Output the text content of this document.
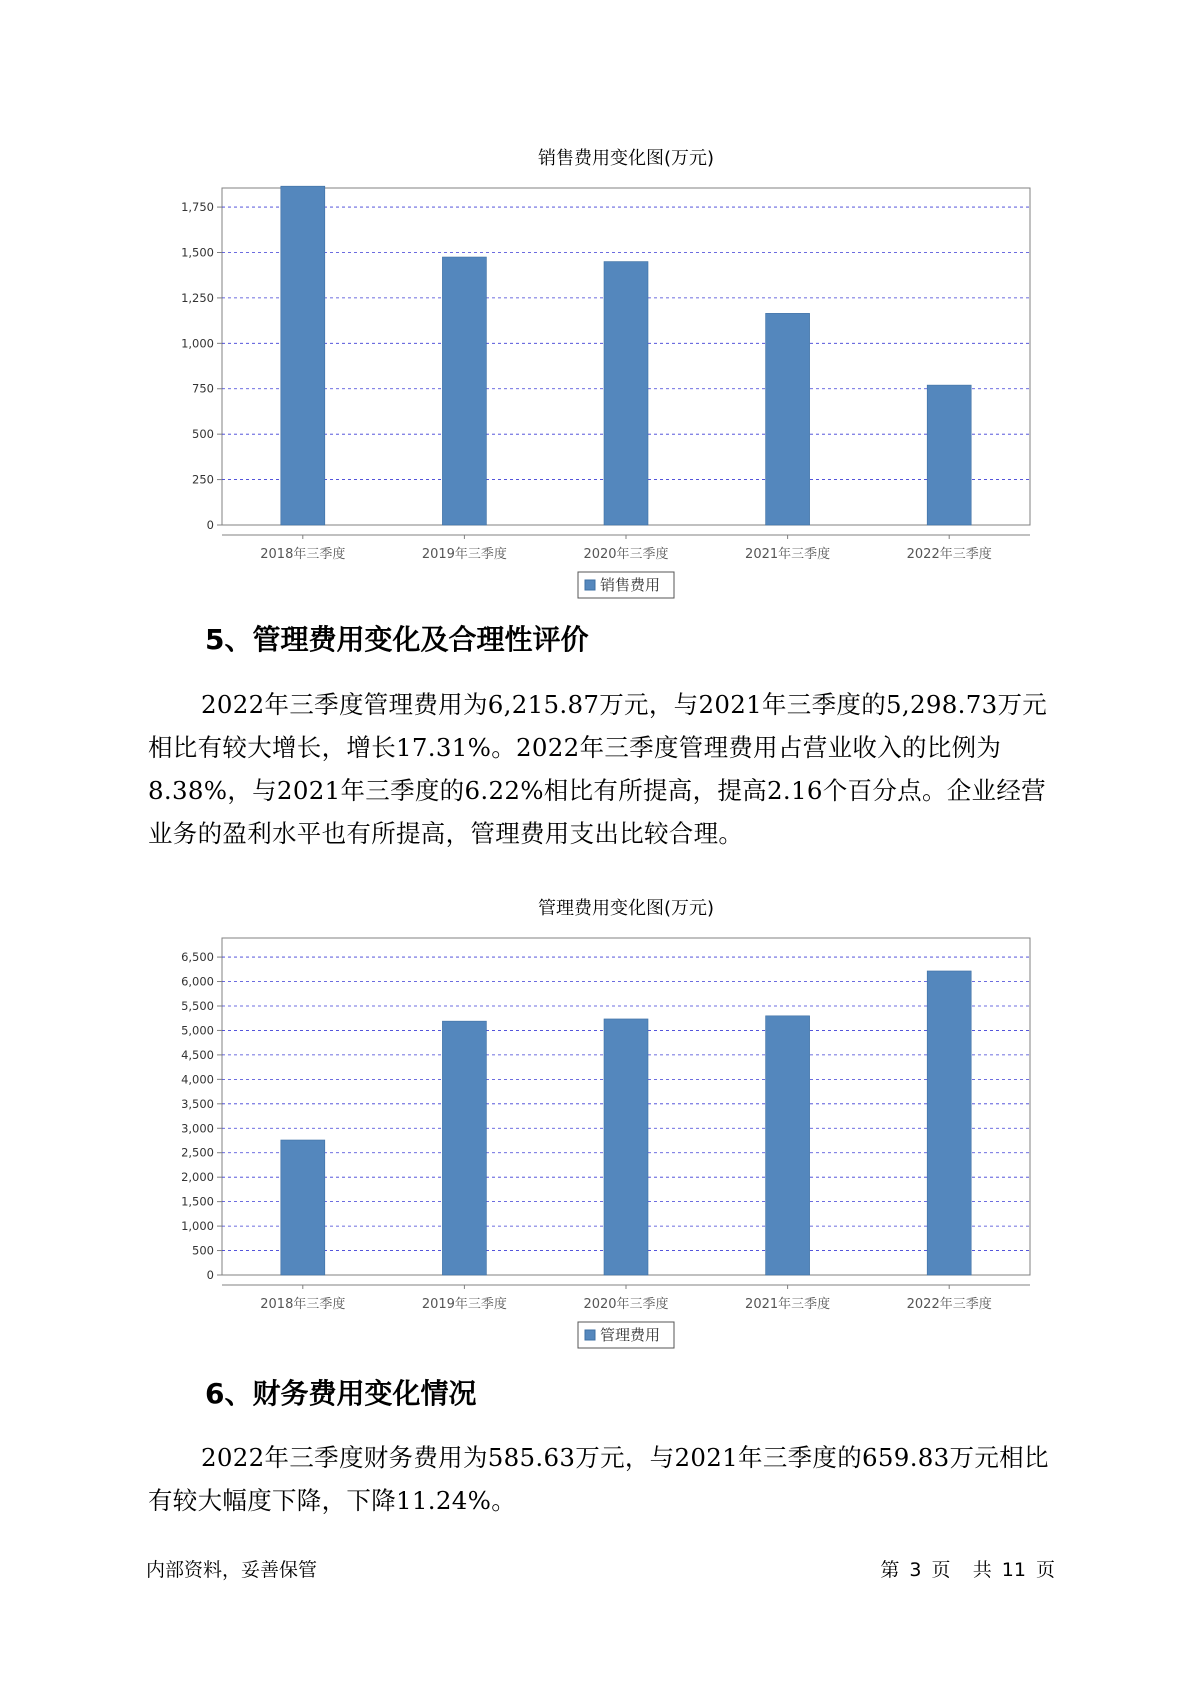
销售费用变化图(万元)
0
250
500
750
1,000
1,250
1,500
1,750
2018年三季度	2019年三季度	2020年三季度	2021年三季度	2022年三季度
销售费用
5、管理费用变化及合理性评价

2022年三季度管理费用为6,215.87万元，与2021年三季度的5,298.73万元相比有较大增长，增长17.31%。2022年三季度管理费用占营业收入的比例为8.38%，与2021年三季度的6.22%相比有所提高，提高2.16个百分点。企业经营业务的盈利水平也有所提高，管理费用支出比较合理。

管理费用变化图(万元)
0
500
1,000
1,500
2,000
2,500
3,000
3,500
4,000
4,500
5,000
5,500
6,000
6,500
2018年三季度	2019年三季度	2020年三季度	2021年三季度	2022年三季度
管理费用
6、财务费用变化情况

2022年三季度财务费用为585.63万元，与2021年三季度的659.83万元相比有较大幅度下降，下降11.24%。

内部资料，妥善保管	第 3 页 共 11 页
